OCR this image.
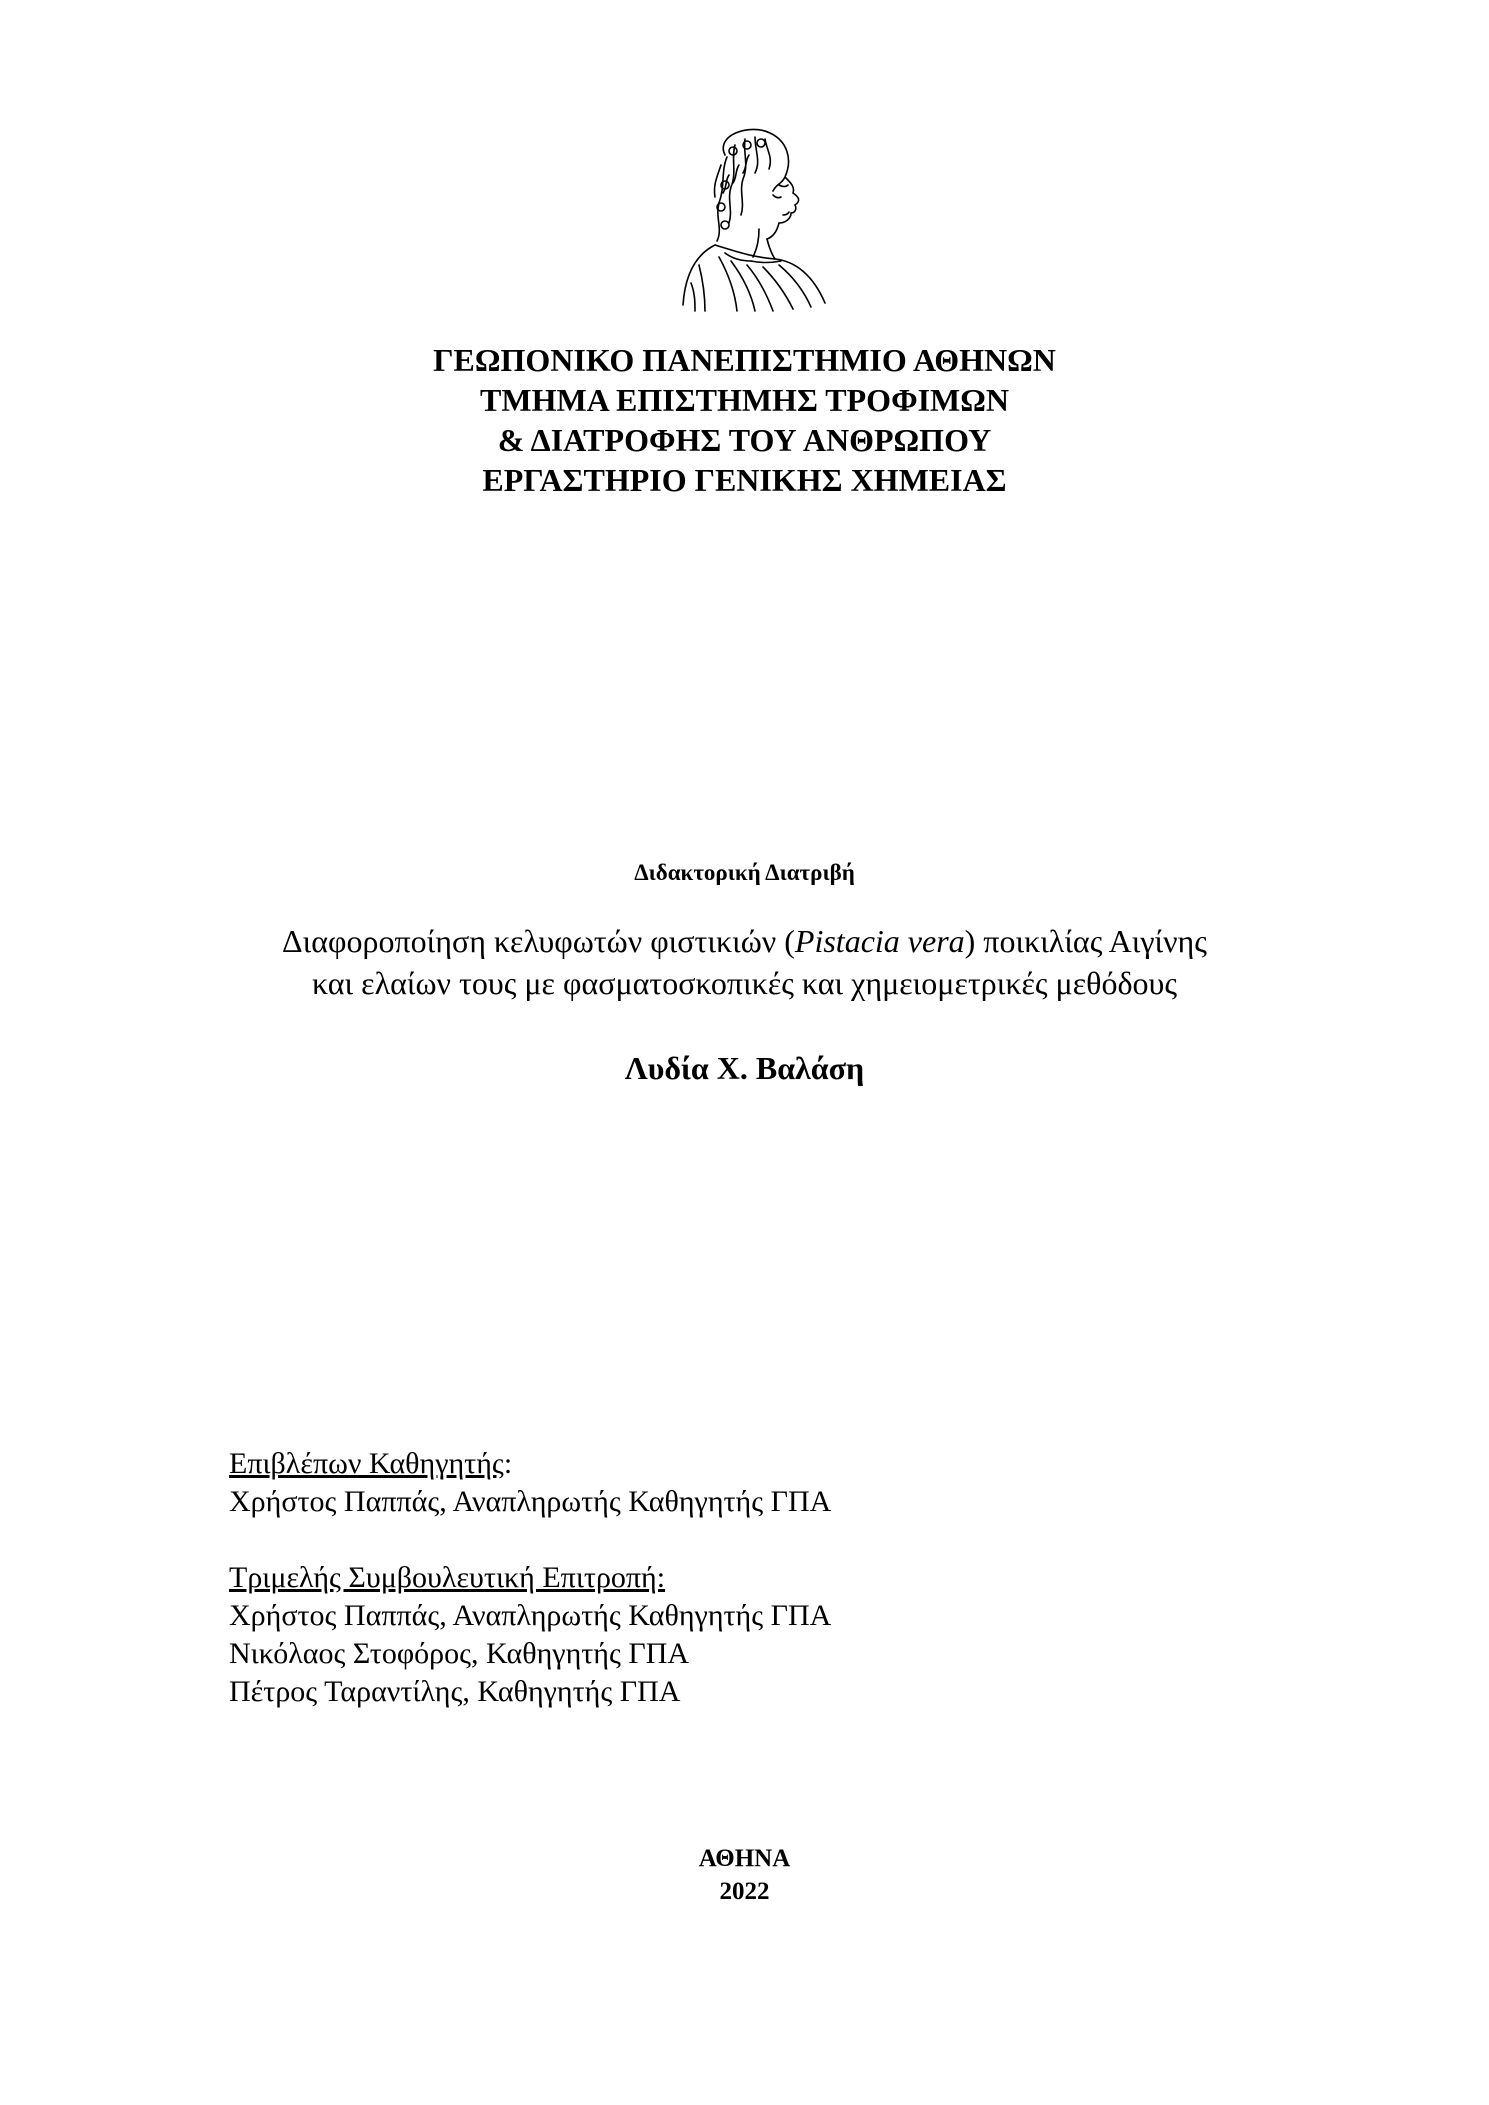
ΓΕΩΠΟΝΙΚΟ ΠΑΝΕΠΙΣΤΗΜΙΟ ΑΘΗΝΩΝ
ΤΜΗΜΑ ΕΠΙΣΤΗΜΗΣ ΤΡΟΦΙΜΩΝ
& ΔΙΑΤΡΟΦΗΣ ΤΟΥ ΑΝΘΡΩΠΟΥ
ΕΡΓΑΣΤΗΡΙΟ ΓΕΝΙΚΗΣ ΧΗΜΕΙΑΣ
Διδακτορική Διατριβή
Διαφοροποίηση κελυφωτών φιστικιών (Pistacia vera) ποικιλίας Αιγίνης
και ελαίων τους με φασματοσκοπικές και χημειομετρικές μεθόδους
Λυδία Χ. Βαλάση
Επιβλέπων Καθηγητής:
Χρήστος Παππάς, Αναπληρωτής Καθηγητής ΓΠΑ
Τριμελής Συμβουλευτική Επιτροπή:
Χρήστος Παππάς, Αναπληρωτής Καθηγητής ΓΠΑ
Νικόλαος Στοφόρος, Καθηγητής ΓΠΑ
Πέτρος Ταραντίλης, Καθηγητής ΓΠΑ
ΑΘΗΝΑ
2022
